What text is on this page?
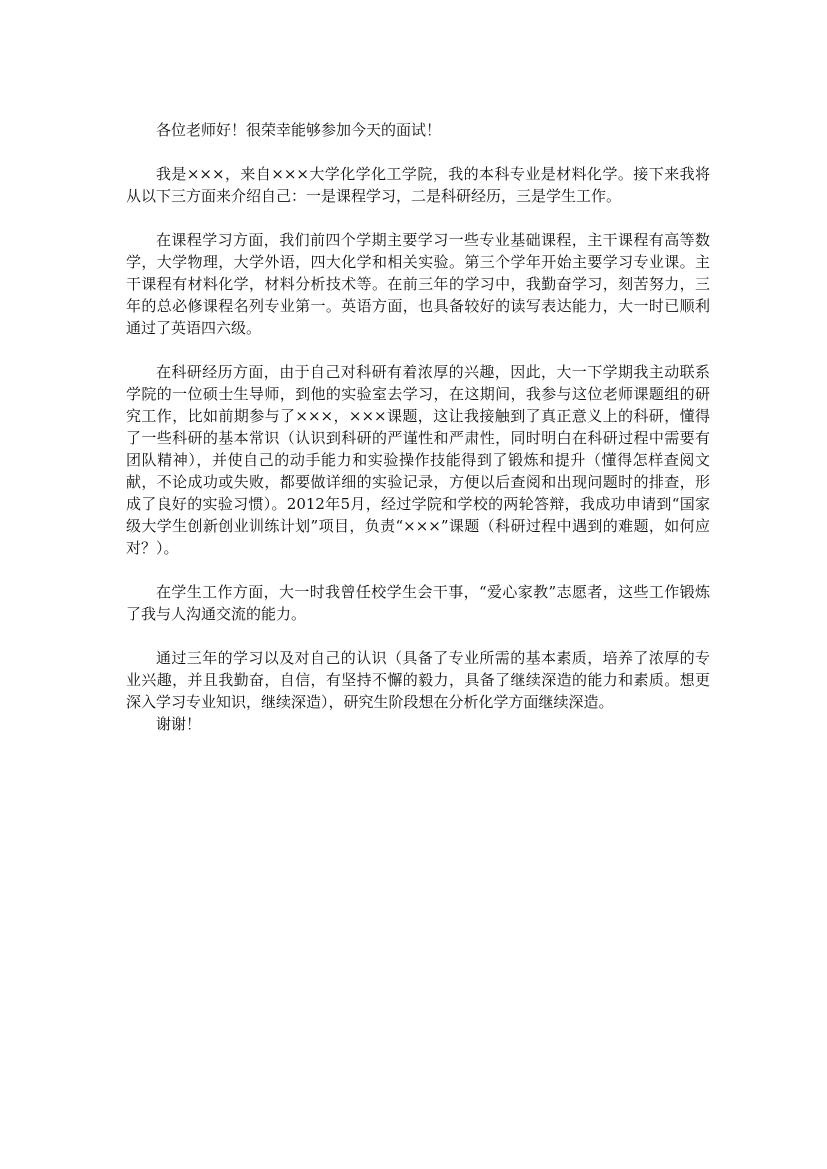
各位老师好！很荣幸能够参加今天的面试！

我是×××，来自×××大学化学化工学院，我的本科专业是材料化学。接下来我将从以下三方面来介绍自己：一是课程学习，二是科研经历，三是学生工作。

在课程学习方面，我们前四个学期主要学习一些专业基础课程，主干课程有高等数学，大学物理，大学外语，四大化学和相关实验。第三个学年开始主要学习专业课。主干课程有材料化学，材料分析技术等。在前三年的学习中，我勤奋学习，刻苦努力，三年的总必修课程名列专业第一。英语方面，也具备较好的读写表达能力，大一时已顺利通过了英语四六级。

在科研经历方面，由于自己对科研有着浓厚的兴趣，因此，大一下学期我主动联系学院的一位硕士生导师，到他的实验室去学习，在这期间，我参与这位老师课题组的研究工作，比如前期参与了×××，×××课题，这让我接触到了真正意义上的科研，懂得了一些科研的基本常识（认识到科研的严谨性和严肃性，同时明白在科研过程中需要有团队精神），并使自己的动手能力和实验操作技能得到了锻炼和提升（懂得怎样查阅文献，不论成功或失败，都要做详细的实验记录，方便以后查阅和出现问题时的排查，形成了良好的实验习惯）。2012年5月，经过学院和学校的两轮答辩，我成功申请到“国家级大学生创新创业训练计划”项目，负责“×××”课题（科研过程中遇到的难题，如何应对？）。

在学生工作方面，大一时我曾任校学生会干事，“爱心家教”志愿者，这些工作锻炼了我与人沟通交流的能力。

通过三年的学习以及对自己的认识（具备了专业所需的基本素质，培养了浓厚的专业兴趣，并且我勤奋，自信，有坚持不懈的毅力，具备了继续深造的能力和素质。想更深入学习专业知识，继续深造），研究生阶段想在分析化学方面继续深造。

谢谢！
